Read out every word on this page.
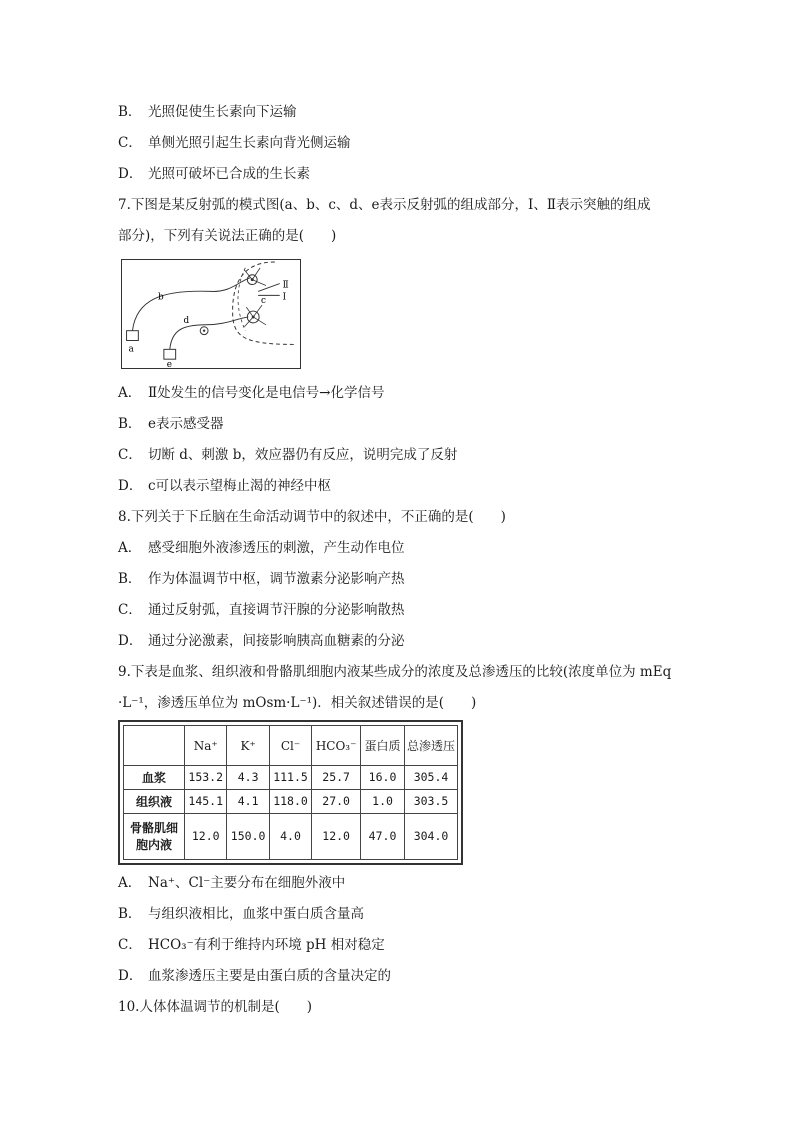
B． 光照促使生长素向下运输
C． 单侧光照引起生长素向背光侧运输
D． 光照可破坏已合成的生长素
7.下图是某反射弧的模式图(a、b、c、d、e表示反射弧的组成部分，Ⅰ、Ⅱ表示突触的组成
部分)，下列有关说法正确的是(　　)
a
b	c
d
e
Ⅱ
Ⅰ
A． Ⅱ处发生的信号变化是电信号→化学信号
B． e表示感受器
C． 切断 d、刺激 b，效应器仍有反应，说明完成了反射
D． c可以表示望梅止渴的神经中枢
8.下列关于下丘脑在生命活动调节中的叙述中，不正确的是(　　)
A． 感受细胞外液渗透压的刺激，产生动作电位
B． 作为体温调节中枢，调节激素分泌影响产热
C． 通过反射弧，直接调节汗腺的分泌影响散热
D． 通过分泌激素，间接影响胰高血糖素的分泌
9.下表是血浆、组织液和骨骼肌细胞内液某些成分的浓度及总渗透压的比较(浓度单位为 mEq
·L⁻¹，渗透压单位为 mOsm·L⁻¹)．相关叙述错误的是(　　)
	Na⁺	K⁺	Cl⁻	HCO₃⁻	蛋白质	总渗透压
血浆	153.2	4.3	111.5	25.7	16.0	305.4
组织液	145.1	4.1	118.0	27.0	1.0	303.5
骨骼肌细胞内液	12.0	150.0	4.0	12.0	47.0	304.0
A． Na⁺、Cl⁻主要分布在细胞外液中
B． 与组织液相比，血浆中蛋白质含量高
C． HCO₃⁻有利于维持内环境 pH 相对稳定
D． 血浆渗透压主要是由蛋白质的含量决定的
10.人体体温调节的机制是(　　)
